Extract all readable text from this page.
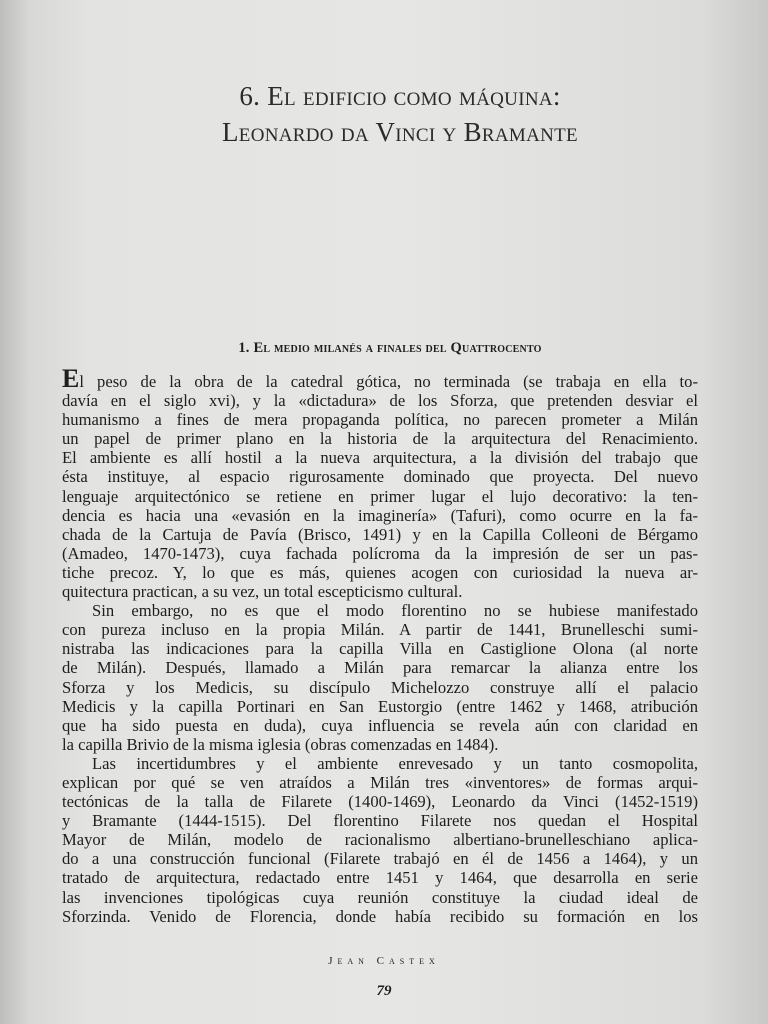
6. El edificio como máquina:
Leonardo da Vinci y Bramante
1. El medio milanés a finales del Quattrocento
El peso de la obra de la catedral gótica, no terminada (se trabaja en ella to-
davía en el siglo xvi), y la «dictadura» de los Sforza, que pretenden desviar el
humanismo a fines de mera propaganda política, no parecen prometer a Milán
un papel de primer plano en la historia de la arquitectura del Renacimiento.
El ambiente es allí hostil a la nueva arquitectura, a la división del trabajo que
ésta instituye, al espacio rigurosamente dominado que proyecta. Del nuevo
lenguaje arquitectónico se retiene en primer lugar el lujo decorativo: la ten-
dencia es hacia una «evasión en la imaginería» (Tafuri), como ocurre en la fa-
chada de la Cartuja de Pavía (Brisco, 1491) y en la Capilla Colleoni de Bérgamo
(Amadeo, 1470-1473), cuya fachada polícroma da la impresión de ser un pas-
tiche precoz. Y, lo que es más, quienes acogen con curiosidad la nueva ar-
quitectura practican, a su vez, un total escepticismo cultural.
Sin embargo, no es que el modo florentino no se hubiese manifestado
con pureza incluso en la propia Milán. A partir de 1441, Brunelleschi sumi-
nistraba las indicaciones para la capilla Villa en Castiglione Olona (al norte
de Milán). Después, llamado a Milán para remarcar la alianza entre los
Sforza y los Medicis, su discípulo Michelozzo construye allí el palacio
Medicis y la capilla Portinari en San Eustorgio (entre 1462 y 1468, atribución
que ha sido puesta en duda), cuya influencia se revela aún con claridad en
la capilla Brivio de la misma iglesia (obras comenzadas en 1484).
Las incertidumbres y el ambiente enrevesado y un tanto cosmopolita,
explican por qué se ven atraídos a Milán tres «inventores» de formas arqui-
tectónicas de la talla de Filarete (1400-1469), Leonardo da Vinci (1452-1519)
y Bramante (1444-1515). Del florentino Filarete nos quedan el Hospital
Mayor de Milán, modelo de racionalismo albertiano-brunelleschiano aplica-
do a una construcción funcional (Filarete trabajó en él de 1456 a 1464), y un
tratado de arquitectura, redactado entre 1451 y 1464, que desarrolla en serie
las invenciones tipológicas cuya reunión constituye la ciudad ideal de
Sforzinda. Venido de Florencia, donde había recibido su formación en los
Jean Castex
79
